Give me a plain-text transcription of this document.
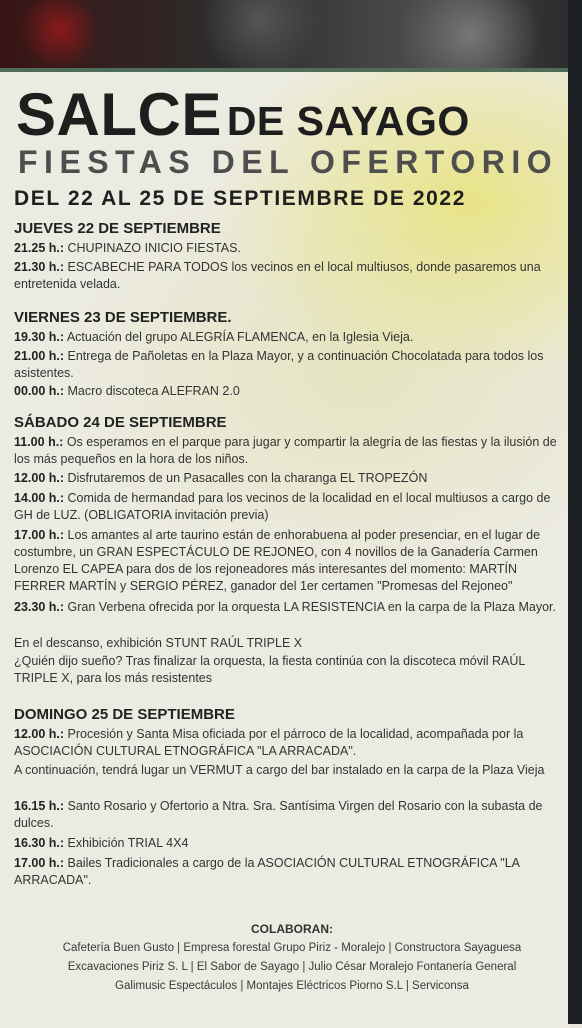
SALCE DE SAYAGO
FIESTAS DEL OFERTORIO
DEL 22 AL 25 DE SEPTIEMBRE DE 2022
JUEVES 22 DE SEPTIEMBRE
21.25 h.: CHUPINAZO INICIO FIESTAS.
21.30 h.: ESCABECHE PARA TODOS los vecinos en el local multiusos, donde pasaremos una entretenida velada.
VIERNES 23 DE SEPTIEMBRE.
19.30 h.: Actuación del grupo ALEGRÍA FLAMENCA, en la Iglesia Vieja.
21.00 h.: Entrega de Pañoletas en la Plaza Mayor, y a continuación Chocolatada para todos los asistentes.
00.00 h.: Macro discoteca ALEFRAN 2.0
SÁBADO 24 DE SEPTIEMBRE
11.00 h.: Os esperamos en el parque para jugar y compartir la alegría de las fiestas y la ilusión de los más pequeños en la hora de los niños.
12.00 h.: Disfrutaremos de un Pasacalles con la charanga EL TROPEZÓN
14.00 h.: Comida de hermandad para los vecinos de la localidad en el local multiusos a cargo de GH de LUZ. (OBLIGATORIA invitación previa)
17.00 h.: Los amantes al arte taurino están de enhorabuena al poder presenciar, en el lugar de costumbre, un GRAN ESPECTÁCULO DE REJONEO, con 4 novillos de la Ganadería Carmen Lorenzo EL CAPEA para dos de los rejoneadores más interesantes del momento: MARTÍN FERRER MARTÍN y SERGIO PÉREZ, ganador del 1er certamen "Promesas del Rejoneo"
23.30 h.: Gran Verbena ofrecida por la orquesta LA RESISTENCIA en la carpa de la Plaza Mayor.
En el descanso, exhibición STUNT RAÚL TRIPLE X
¿Quién dijo sueño? Tras finalizar la orquesta, la fiesta continúa con la discoteca móvil RAÚL TRIPLE X, para los más resistentes
DOMINGO 25 DE SEPTIEMBRE
12.00 h.: Procesión y Santa Misa oficiada por el párroco de la localidad, acompañada por la ASOCIACIÓN CULTURAL ETNOGRÁFICA "LA ARRACADA".
A continuación, tendrá lugar un VERMUT a cargo del bar instalado en la carpa de la Plaza Vieja
16.15 h.: Santo Rosario y Ofertorio a Ntra. Sra. Santísima Virgen del Rosario con la subasta de dulces.
16.30 h.: Exhibición TRIAL 4X4
17.00 h.: Bailes Tradicionales a cargo de la ASOCIACIÓN CULTURAL ETNOGRÁFICA "LA ARRACADA".
COLABORAN:
Cafetería Buen Gusto | Empresa forestal Grupo Piriz - Moralejo | Constructora Sayaguesa
Excavaciones Piriz S. L | El Sabor de Sayago | Julio César Moralejo Fontanería General
Galimusic Espectáculos | Montajes Eléctricos Piorno S.L | Serviconsa
